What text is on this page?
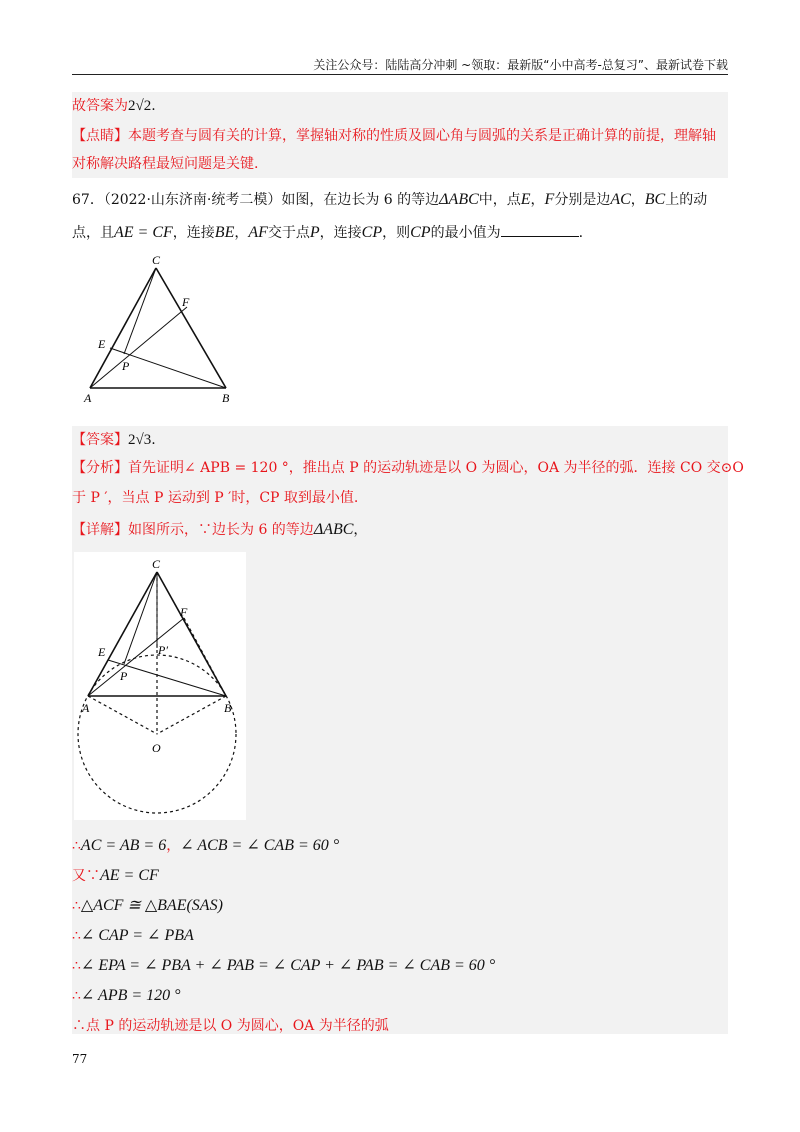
关注公众号：陆陆高分冲刺 ~领取：最新版“小中高考-总复习”、最新试卷下载
故答案为2√2.
【点睛】本题考查与圆有关的计算，掌握轴对称的性质及圆心角与圆弧的关系是正确计算的前提，理解轴
对称解决路程最短问题是关键.
67．（2022·山东济南·统考二模）如图，在边长为 6 的等边ΔABC中，点E，F分别是边AC，BC上的动
点，且AE = CF，连接BE，AF交于点P，连接CP，则CP的最小值为	.
C
F
E
P
A	B
【答案】2√3.
【分析】首先证明∠ APB = 120 °，推出点 P 的运动轨迹是以 O 为圆心，OA 为半径的弧．连接 CO 交⊙O
于 P ′，当点 P 运动到 P ′时，CP 取到最小值.
【详解】如图所示，∵边长为 6 的等边ΔABC，
C
F
E
P
P′
A	B
O
∴AC = AB = 6，∠ ACB = ∠ CAB = 60 °
又∵AE = CF
∴△ACF ≅ △BAE(SAS)
∴∠ CAP = ∠ PBA
∴∠ EPA = ∠ PBA + ∠ PAB = ∠ CAP + ∠ PAB = ∠ CAB = 60 °
∴∠ APB = 120 °
∴点 P 的运动轨迹是以 O 为圆心，OA 为半径的弧
77
